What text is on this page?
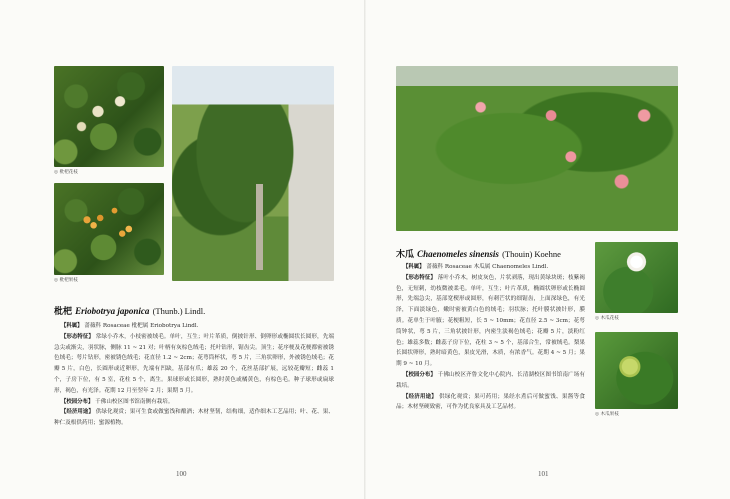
◎ 枇杷花枝
◎ 枇杷果枝
枇杷 Eriobotrya japonica (Thunb.) Lindl.

【科属】 蔷薇科 Rosaceae 枇杷属 Eriobotrya Lindl.

【形态特征】 常绿小乔木，小枝密被绒毛。单叶，互生；叶片革质，倒披针形、倒卵形或椭圆状长圆形，先端急尖或渐尖，羽状脉，侧脉 11 ~ 21 对；叶柄有灰棕色绒毛；托叶钻形，锯齿尖。顶生；花序梗及花梗都密被锈色绒毛；萼片钻形，密被锈色绒毛；花直径 1.2 ~ 2cm；花萼筒杯状，萼 5 片，三角状卵形，外被锈色绒毛；花瓣 5 片，白色，长圆形或近卵形，先端有凹缺，基部有爪；雄蕊 20 个，花丝基部扩展，远较花瓣短；雌蕊 1 个，子房下位，有 5 室，花柱 5 个，离生。果球形或长圆形，熟时黄色或橘黄色，有棕色毛。种子球形或扁球形，褐色，有光泽。花期 12 月至翌年 2 月；果期 5 月。

【校园分布】 千佛山校区图书馆南侧有栽培。

【经济用途】 供绿化观赏；果可生食或做蜜饯和酿酒；木材坚韧，结构细，适作细木工艺品用；叶、花、果、种仁及根供药用；蜜源植物。

100
木瓜 Chaenomeles sinensis (Thouin) Koehne

【科属】 蔷薇科 Rosaceae 木瓜属 Chaenomeles Lindl.

【形态特征】 落叶小乔木，树皮灰色，片状剥落，现出黄绿块斑；枝紫褐色，无短刺，幼枝微被柔毛。单叶，互生；叶片革质，椭圆状卵形或长椭圆形，先端急尖，基部宽楔形或圆形，有刺芒状的细锯齿，上面深绿色，有光泽，下面淡绿色，嫩时密被黄白色的绒毛；羽状脉；托叶膜状披针形，膜质。花单生于叶腋；花梗粗短，长 5 ~ 10mm；花直径 2.5 ~ 3cm；花萼筒钟状，萼 5 片，三角状披针形，内密生淡褐色绒毛；花瓣 5 片，淡粉红色；雄蕊多数；雌蕊子房下位，花柱 3 ~ 5 个，基部合生，常被绒毛。梨果长圆状卵形，熟时暗黄色，果皮光滑，木质，有浓香气。花期 4 ~ 5 月；果期 9 ~ 10 月。

【校园分布】 千佛山校区齐鲁文化中心院内、长清湖校区图书馆南广场有栽培。

【经济用途】 供绿化观赏；果可药用；果经水煮后可做蜜饯、果酱等食品；木材坚硬致密，可作为优良家具及工艺品材。

◎ 木瓜花枝
◎ 木瓜果枝
101
